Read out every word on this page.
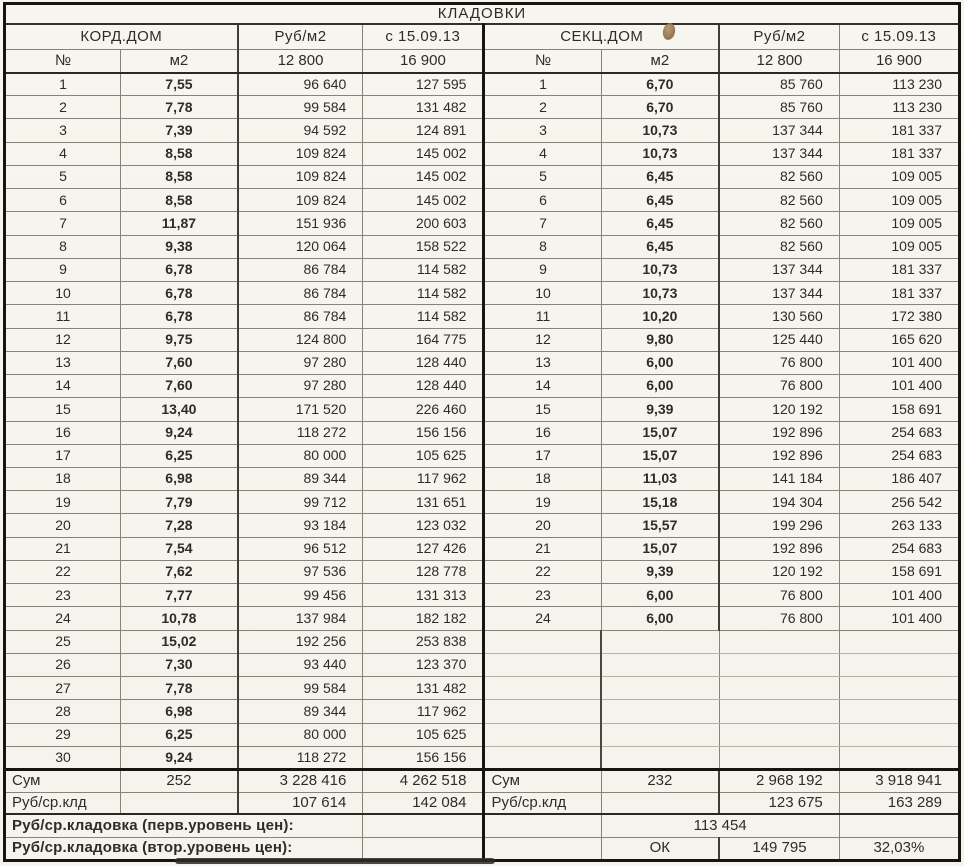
КЛАДОВКИ							
КОРД.ДОМ		Руб/м2	с 15.09.13	СЕКЦ.ДОМ		Руб/м2	с 15.09.13
№	м2	12 800	16 900	№	м2	12 800	16 900
1	7,55	96 640	127 595	1	6,70	85 760	113 230
2	7,78	99 584	131 482	2	6,70	85 760	113 230
3	7,39	94 592	124 891	3	10,73	137 344	181 337
4	8,58	109 824	145 002	4	10,73	137 344	181 337
5	8,58	109 824	145 002	5	6,45	82 560	109 005
6	8,58	109 824	145 002	6	6,45	82 560	109 005
7	11,87	151 936	200 603	7	6,45	82 560	109 005
8	9,38	120 064	158 522	8	6,45	82 560	109 005
9	6,78	86 784	114 582	9	10,73	137 344	181 337
10	6,78	86 784	114 582	10	10,73	137 344	181 337
11	6,78	86 784	114 582	11	10,20	130 560	172 380
12	9,75	124 800	164 775	12	9,80	125 440	165 620
13	7,60	97 280	128 440	13	6,00	76 800	101 400
14	7,60	97 280	128 440	14	6,00	76 800	101 400
15	13,40	171 520	226 460	15	9,39	120 192	158 691
16	9,24	118 272	156 156	16	15,07	192 896	254 683
17	6,25	80 000	105 625	17	15,07	192 896	254 683
18	6,98	89 344	117 962	18	11,03	141 184	186 407
19	7,79	99 712	131 651	19	15,18	194 304	256 542
20	7,28	93 184	123 032	20	15,57	199 296	263 133
21	7,54	96 512	127 426	21	15,07	192 896	254 683
22	7,62	97 536	128 778	22	9,39	120 192	158 691
23	7,77	99 456	131 313	23	6,00	76 800	101 400
24	10,78	137 984	182 182	24	6,00	76 800	101 400
25	15,02	192 256	253 838				
26	7,30	93 440	123 370				
27	7,78	99 584	131 482				
28	6,98	89 344	117 962				
29	6,25	80 000	105 625				
30	9,24	118 272	156 156				
Сум	252	3 228 416	4 262 518	Сум	232	2 968 192	3 918 941
Руб/ср.клд		107 614	142 084	Руб/ср.клд		123 675	163 289
Руб/ср.кладовка (перв.уровень цен):					113 454		
Руб/ср.кладовка (втор.уровень цен):					ОК	149 795	32,03%
